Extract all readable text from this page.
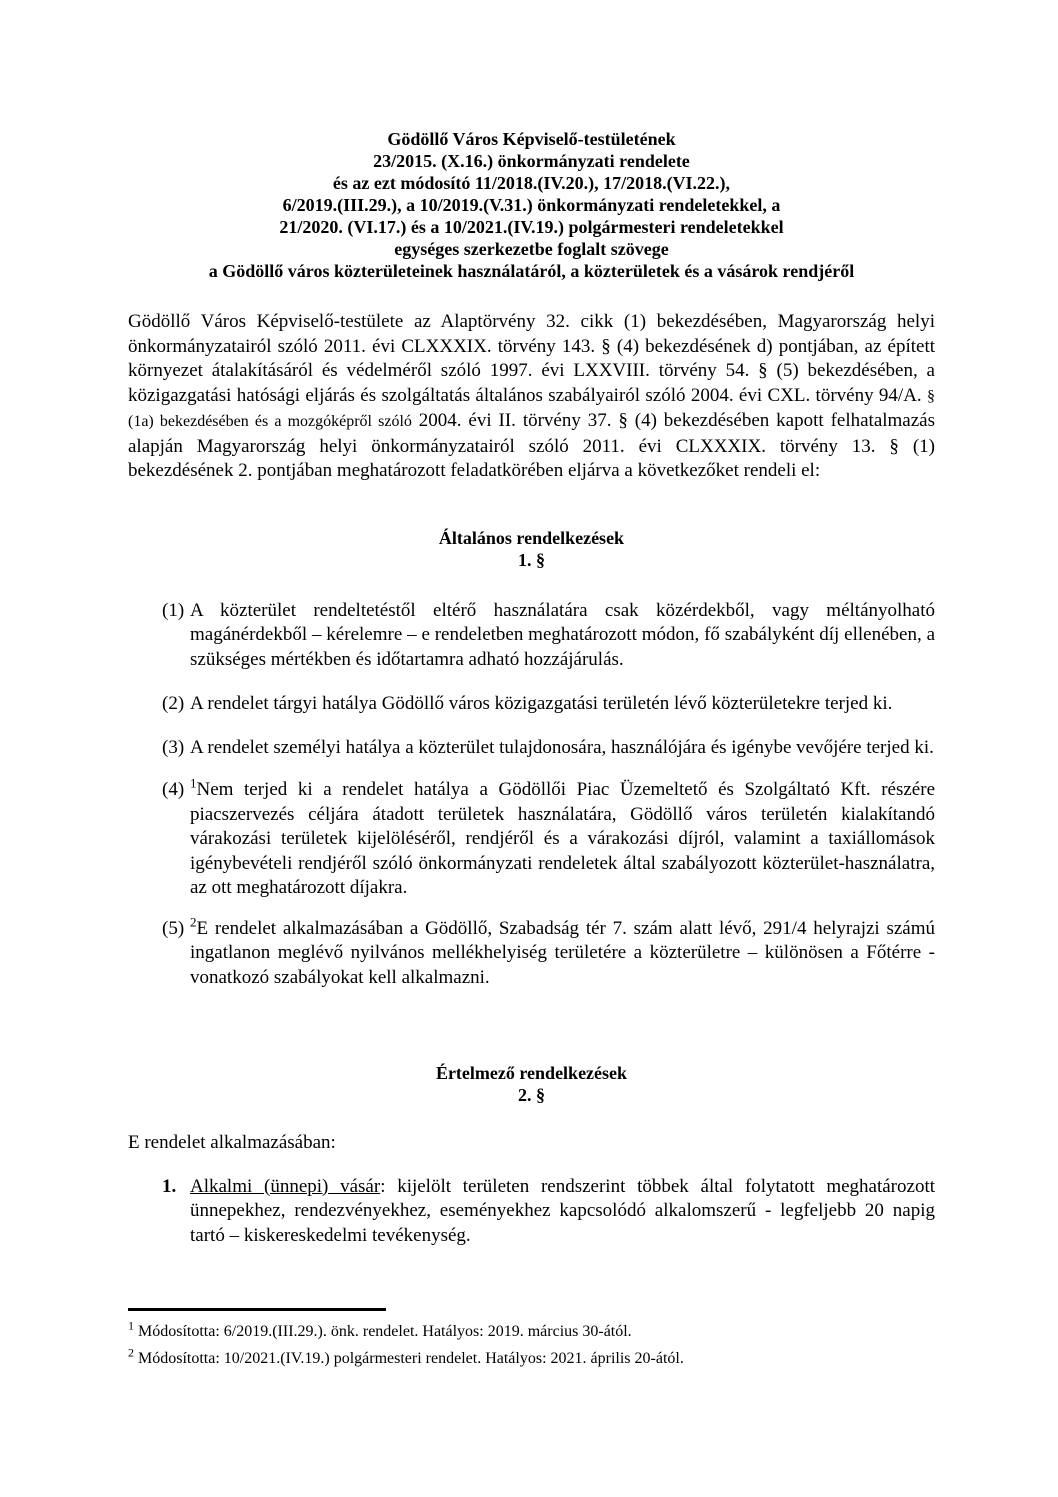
Gödöllő Város Képviselő-testületének
23/2015. (X.16.) önkormányzati rendelete
és az ezt módosító 11/2018.(IV.20.), 17/2018.(VI.22.),
6/2019.(III.29.), a 10/2019.(V.31.) önkormányzati rendeletekkel, a
21/2020. (VI.17.) és a 10/2021.(IV.19.) polgármesteri rendeletekkel
egységes szerkezetbe foglalt szövege
a Gödöllő város közterületeinek használatáról, a közterületek és a vásárok rendjéről

Gödöllő Város Képviselő-testülete az Alaptörvény 32. cikk (1) bekezdésében, Magyarország helyi önkormányzatairól szóló 2011. évi CLXXXIX. törvény 143. § (4) bekezdésének d) pontjában, az épített környezet átalakításáról és védelméről szóló 1997. évi LXXVIII. törvény 54. § (5) bekezdésében, a közigazgatási hatósági eljárás és szolgáltatás általános szabályairól szóló 2004. évi CXL. törvény 94/A. § (1a) bekezdésében és a mozgóképről szóló 2004. évi II. törvény 37. § (4) bekezdésében kapott felhatalmazás alapján Magyarország helyi önkormányzatairól szóló 2011. évi CLXXXIX. törvény 13. § (1) bekezdésének 2. pontjában meghatározott feladatkörében eljárva a következőket rendeli el:

Általános rendelkezések
1. §
(1) A közterület rendeltetéstől eltérő használatára csak közérdekből, vagy méltányolható magánérdekből – kérelemre – e rendeletben meghatározott módon, fő szabályként díj ellenében, a szükséges mértékben és időtartamra adható hozzájárulás.
(2) A rendelet tárgyi hatálya Gödöllő város közigazgatási területén lévő közterületekre terjed ki.
(3) A rendelet személyi hatálya a közterület tulajdonosára, használójára és igénybe vevőjére terjed ki.
(4) $^1$Nem terjed ki a rendelet hatálya a Gödöllői Piac Üzemeltető és Szolgáltató Kft. részére piacszervezés céljára átadott területek használatára, Gödöllő város területén kialakítandó várakozási területek kijelöléséről, rendjéről és a várakozási díjról, valamint a taxiállomások igénybevételi rendjéről szóló önkormányzati rendeletek által szabályozott közterület-használatra, az ott meghatározott díjakra.
(5) $^2$E rendelet alkalmazásában a Gödöllő, Szabadság tér 7. szám alatt lévő, 291/4 helyrajzi számú ingatlanon meglévő nyilvános mellékhelyiség területére a közterületre – különösen a Főtérre - vonatkozó szabályokat kell alkalmazni.
Értelmező rendelkezések
2. §
E rendelet alkalmazásában:
1. Alkalmi (ünnepi) vásár: kijelölt területen rendszerint többek által folytatott meghatározott ünnepekhez, rendezvényekhez, eseményekhez kapcsolódó alkalomszerű - legfeljebb 20 napig tartó – kiskereskedelmi tevékenység.
$^1$ Módosította: 6/2019.(III.29.). önk. rendelet. Hatályos: 2019. március 30-ától.
$^2$ Módosította: 10/2021.(IV.19.) polgármesteri rendelet. Hatályos: 2021. április 20-ától.
